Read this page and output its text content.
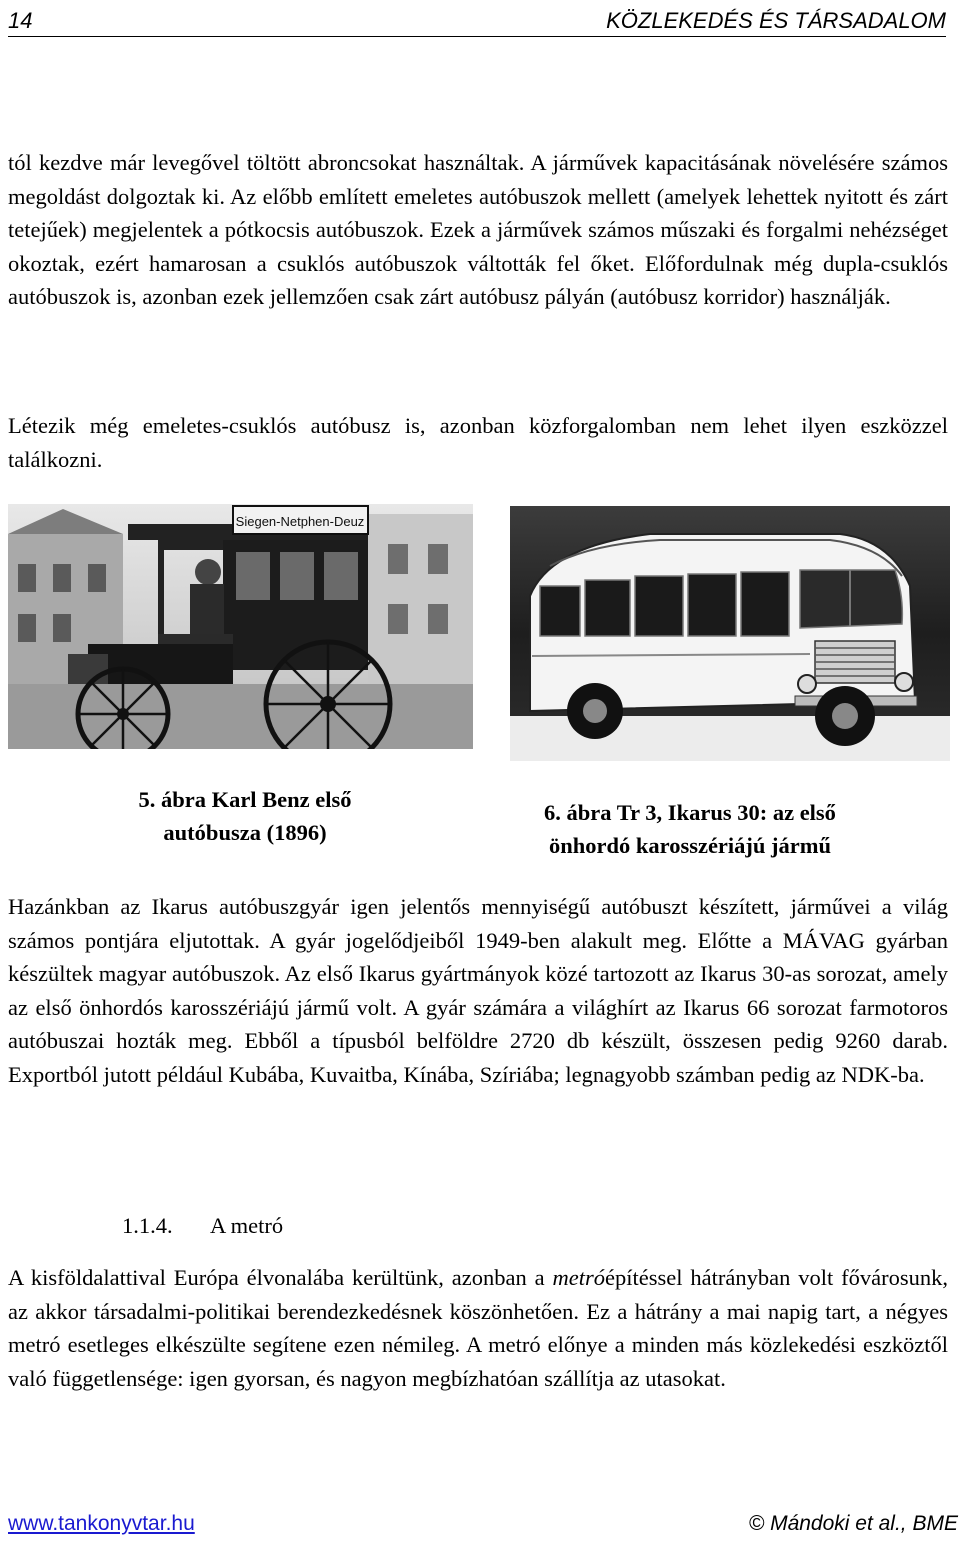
14	KÖZLEKEDÉS ÉS TÁRSADALOM

tól kezdve már levegővel töltött abroncsokat használtak. A járművek kapacitásának növelésére számos megoldást dolgoztak ki. Az előbb említett emeletes autóbuszok mellett (amelyek lehettek nyitott és zárt tetejűek) megjelentek a pótkocsis autóbuszok. Ezek a járművek számos műszaki és forgalmi nehézséget okoztak, ezért hamarosan a csuklós autóbuszok váltották fel őket. Előfordulnak még dupla-csuklós autóbuszok is, azonban ezek jellemzően csak zárt autóbusz pályán (autóbusz korridor) használják.

Létezik még emeletes-csuklós autóbusz is, azonban közforgalomban nem lehet ilyen eszközzel találkozni.

Siegen-Netphen-Deuz
5. ábra Karl Benz első
autóbusza (1896)
6. ábra Tr 3, Ikarus 30: az első
önhordó karosszériájú jármű

Hazánkban az Ikarus autóbuszgyár igen jelentős mennyiségű autóbuszt készített, járművei a világ számos pontjára eljutottak. A gyár jogelődjeiből 1949-ben alakult meg. Előtte a MÁVAG gyárban készültek magyar autóbuszok. Az első Ikarus gyártmányok közé tartozott az Ikarus 30-as sorozat, amely az első önhordós karosszériájú jármű volt. A gyár számára a világhírt az Ikarus 66 sorozat farmotoros autóbuszai hozták meg. Ebből a típusból belföldre 2720 db készült, összesen pedig 9260 darab. Exportból jutott például Kubába, Kuvaitba, Kínába, Szíriába; legnagyobb számban pedig az NDK-ba.

1.1.4. A metró

A kisföldalattival Európa élvonalába kerültünk, azonban a metróépítéssel hátrányban volt fővárosunk, az akkor társadalmi-politikai berendezkedésnek köszönhetően. Ez a hátrány a mai napig tart, a négyes metró esetleges elkészülte segítene ezen némileg. A metró előnye a minden más közlekedési eszköztől való függetlensége: igen gyorsan, és nagyon megbízhatóan szállítja az utasokat.

www.tankonyvtar.hu	© Mándoki et al., BME
